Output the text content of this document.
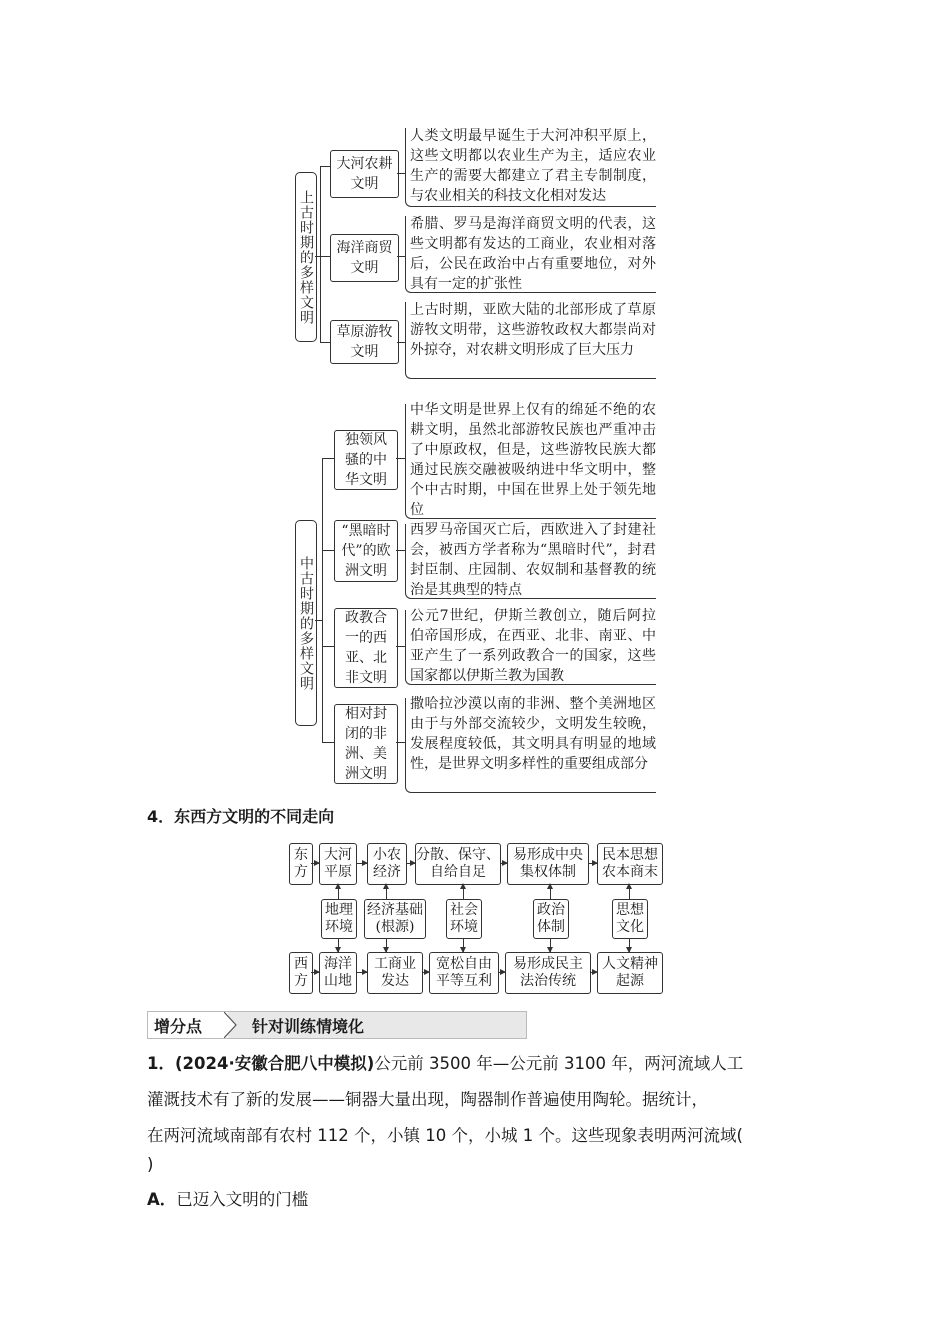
上古时期的多样文明
大河农耕
文明
人类文明最早诞生于大河冲积平原上，这些文明都以农业生产为主，适应农业生产的需要大都建立了君主专制制度，与农业相关的科技文化相对发达
海洋商贸
文明
希腊、罗马是海洋商贸文明的代表，这些文明都有发达的工商业，农业相对落后，公民在政治中占有重要地位，对外具有一定的扩张性
草原游牧
文明
上古时期，亚欧大陆的北部形成了草原游牧文明带，这些游牧政权大都崇尚对外掠夺，对农耕文明形成了巨大压力
中古时期的多样文明
独领风
骚的中
华文明
中华文明是世界上仅有的绵延不绝的农耕文明，虽然北部游牧民族也严重冲击了中原政权，但是，这些游牧民族大都通过民族交融被吸纳进中华文明中，整个中古时期，中国在世界上处于领先地位
“黑暗时
代”的欧
洲文明
西罗马帝国灭亡后，西欧进入了封建社会，被西方学者称为“黑暗时代”，封君封臣制、庄园制、农奴制和基督教的统治是其典型的特点
政教合
一的西
亚、北
非文明
公元7世纪，伊斯兰教创立，随后阿拉伯帝国形成，在西亚、北非、南亚、中亚产生了一系列政教合一的国家，这些国家都以伊斯兰教为国教
相对封
闭的非
洲、美
洲文明
撒哈拉沙漠以南的非洲、整个美洲地区由于与外部交流较少，文明发生较晚，发展程度较低，其文明具有明显的地域性，是世界文明多样性的重要组成部分
4．东西方文明的不同走向
东
方
大河
平原
小农
经济
分散、保守、
自给自足
易形成中央
集权体制
民本思想
农本商末
地理
环境
经济基础
(根源)
社会
环境
政治
体制
思想
文化
西
方
海洋
山地
工商业
发达
宽松自由
平等互利
易形成民主
法治传统
人文精神
起源
增分点	针对训练情境化
1．(2024·安徽合肥八中模拟)公元前 3500 年—公元前 3100 年，两河流域人工
灌溉技术有了新的发展——铜器大量出现，陶器制作普遍使用陶轮。据统计，
在两河流域南部有农村 112 个，小镇 10 个，小城 1 个。这些现象表明两河流域(
)
A．已迈入文明的门槛
